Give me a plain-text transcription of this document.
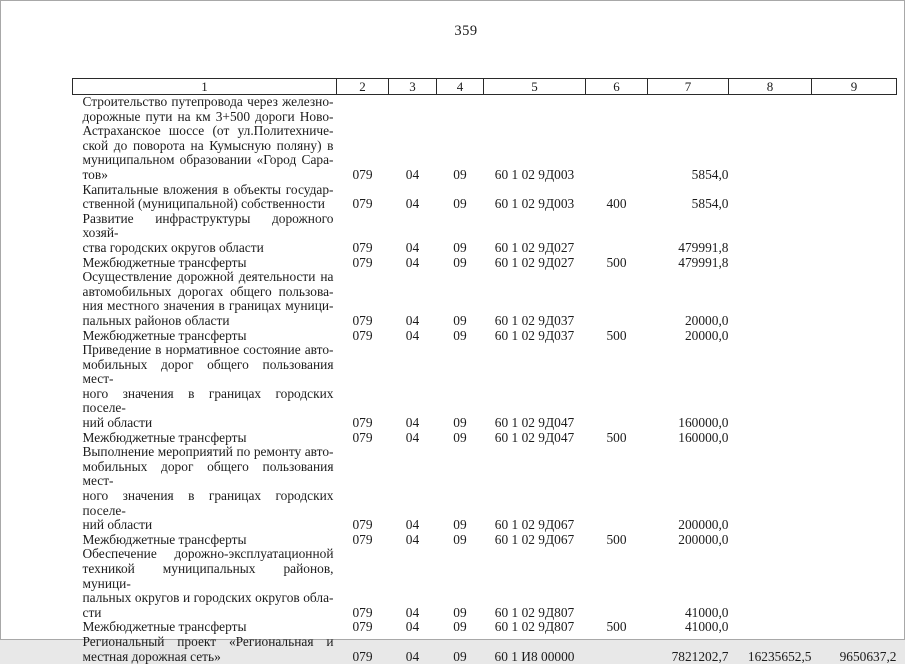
359
1	2	3	4	5	6	7	8	9

Строительство путепровода через железно-
дорожные пути на км 3+500 дороги Ново-
Астраханское шоссе (от ул.Политехниче-
ской до поворота на Кумысную поляну) в
муниципальном образовании «Город Сара-
тов»	079	04	09	60 1 02 9Д003		5854,0		

Капитальные вложения в объекты государ-
ственной (муниципальной) собственности	079	04	09	60 1 02 9Д003	400	5854,0		

Развитие инфраструктуры дорожного хозяй-
ства городских округов области	079	04	09	60 1 02 9Д027		479991,8		

Межбюджетные трансферты	079	04	09	60 1 02 9Д027	500	479991,8		

Осуществление дорожной деятельности на
автомобильных дорогах общего пользова-
ния местного значения в границах муници-
пальных районов области	079	04	09	60 1 02 9Д037		20000,0		

Межбюджетные трансферты	079	04	09	60 1 02 9Д037	500	20000,0		

Приведение в нормативное состояние авто-
мобильных дорог общего пользования мест-
ного значения в границах городских поселе-
ний области	079	04	09	60 1 02 9Д047		160000,0		

Межбюджетные трансферты	079	04	09	60 1 02 9Д047	500	160000,0		

Выполнение мероприятий по ремонту авто-
мобильных дорог общего пользования мест-
ного значения в границах городских поселе-
ний области	079	04	09	60 1 02 9Д067		200000,0		

Межбюджетные трансферты	079	04	09	60 1 02 9Д067	500	200000,0		

Обеспечение дорожно-эксплуатационной
техникой муниципальных районов, муници-
пальных округов и городских округов обла-
сти	079	04	09	60 1 02 9Д807		41000,0		

Межбюджетные трансферты	079	04	09	60 1 02 9Д807	500	41000,0		

Региональный проект «Региональная и
местная дорожная сеть»	079	04	09	60 1 И8 00000		7821202,7	16235652,5	9650637,2
